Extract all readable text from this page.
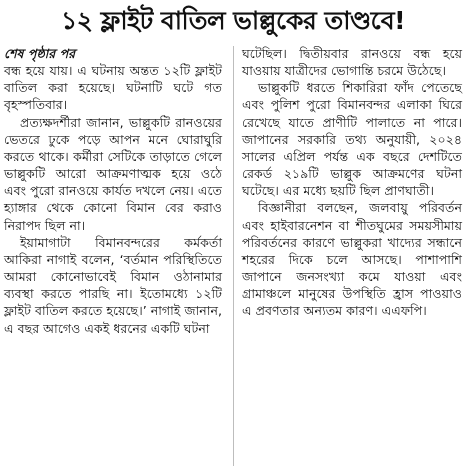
১২ ফ্লাইট বাতিল ভাল্লুকের তাণ্ডবে!

শেষ পৃষ্ঠার পর

বন্ধ হয়ে যায়। এ ঘটনায় অন্তত ১২টি ফ্লাইট বাতিল করা হয়েছে। ঘটনাটি ঘটে গত বৃহস্পতিবার।

প্রত্যক্ষদর্শীরা জানান, ভাল্লুকটি রানওয়ের ভেতরে ঢুকে পড়ে আপন মনে ঘোরাঘুরি করতে থাকে। কর্মীরা সেটিকে তাড়াতে গেলে ভাল্লুকটি আরো আক্রমণাত্মক হয়ে ওঠে এবং পুরো রানওয়ে কার্যত দখলে নেয়। এতে হ্যাঙ্গার থেকে কোনো বিমান বের করাও নিরাপদ ছিল না।

ইয়ামাগাটা বিমানবন্দরের কর্মকর্তা আকিরা নাগাই বলেন, ‘বর্তমান পরিস্থিতিতে আমরা কোনোভাবেই বিমান ওঠানামার ব্যবস্থা করতে পারছি না। ইতোমধ্যে ১২টি ফ্লাইট বাতিল করতে হয়েছে।’ নাগাই জানান, এ বছর আগেও একই ধরনের একটি ঘটনা

ঘটেছিল। দ্বিতীয়বার রানওয়ে বন্ধ হয়ে যাওয়ায় যাত্রীদের ভোগান্তি চরমে উঠেছে।

ভাল্লুকটি ধরতে শিকারিরা ফাঁদ পেতেছে এবং পুলিশ পুরো বিমানবন্দর এলাকা ঘিরে রেখেছে যাতে প্রাণীটি পালাতে না পারে। জাপানের সরকারি তথ্য অনুযায়ী, ২০২৪ সালের এপ্রিল পর্যন্ত এক বছরে দেশটিতে রেকর্ড ২১৯টি ভাল্লুক আক্রমণের ঘটনা ঘটেছে। এর মধ্যে ছয়টি ছিল প্রাণঘাতী।

বিজ্ঞানীরা বলছেন, জলবায়ু পরিবর্তন এবং হাইবারনেশন বা শীতঘুমের সময়সীমায় পরিবর্তনের কারণে ভাল্লুকরা খাদ্যের সন্ধানে শহরের দিকে চলে আসছে। পাশাপাশি জাপানে জনসংখ্যা কমে যাওয়া এবং গ্রামাঞ্চলে মানুষের উপস্থিতি হ্রাস পাওয়াও এ প্রবণতার অন্যতম কারণ। এএফপি।
